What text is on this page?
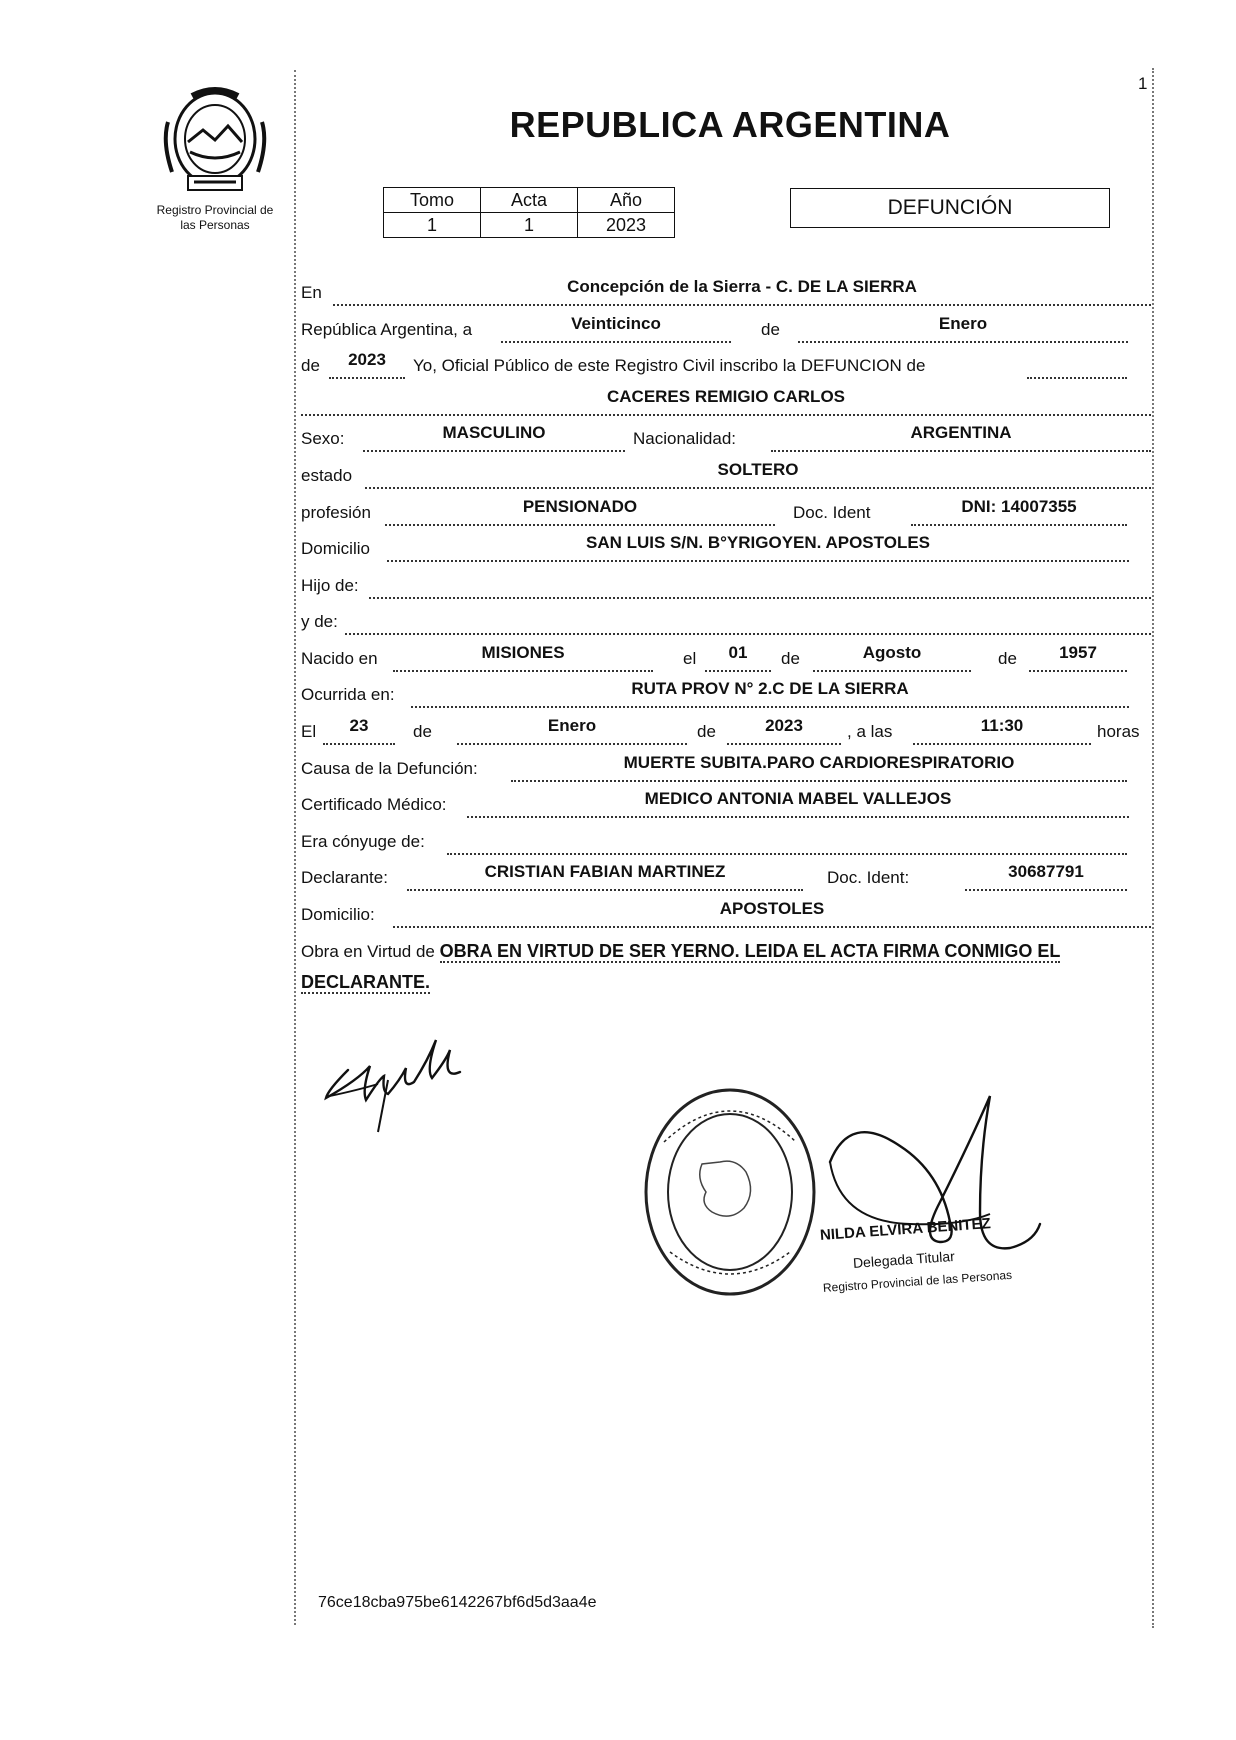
1
Registro Provincial de
las Personas
REPUBLICA ARGENTINA
Tomo	Acta	Año
1	1	2023
DEFUNCIÓN
En	Concepción de la Sierra - C. DE LA SIERRA
República Argentina, a	Veinticinco	de	Enero
de	2023	Yo, Oficial Público de este Registro Civil inscribo la DEFUNCION de
CACERES REMIGIO CARLOS
Sexo:	MASCULINO	Nacionalidad:	ARGENTINA
estado	SOLTERO
profesión	PENSIONADO	Doc. Ident	DNI: 14007355
Domicilio	SAN LUIS S/N. B°YRIGOYEN. APOSTOLES
Hijo de:
y de:
Nacido en	MISIONES	el	01	de	Agosto	de	1957
Ocurrida en:	RUTA PROV N° 2.C DE LA SIERRA
El	23	de	Enero	de	2023	, a las	11:30	horas
Causa de la Defunción:	MUERTE SUBITA.PARO CARDIORESPIRATORIO
Certificado Médico:	MEDICO ANTONIA MABEL VALLEJOS
Era cónyuge de:
Declarante:	CRISTIAN FABIAN MARTINEZ	Doc. Ident:	30687791
Domicilio:	APOSTOLES
Obra en Virtud de OBRA EN VIRTUD DE SER YERNO. LEIDA EL ACTA FIRMA CONMIGO EL DECLARANTE.
NILDA ELVIRA BENITEZ
Delegada Titular
Registro Provincial de las Personas
76ce18cba975be6142267bf6d5d3aa4e
